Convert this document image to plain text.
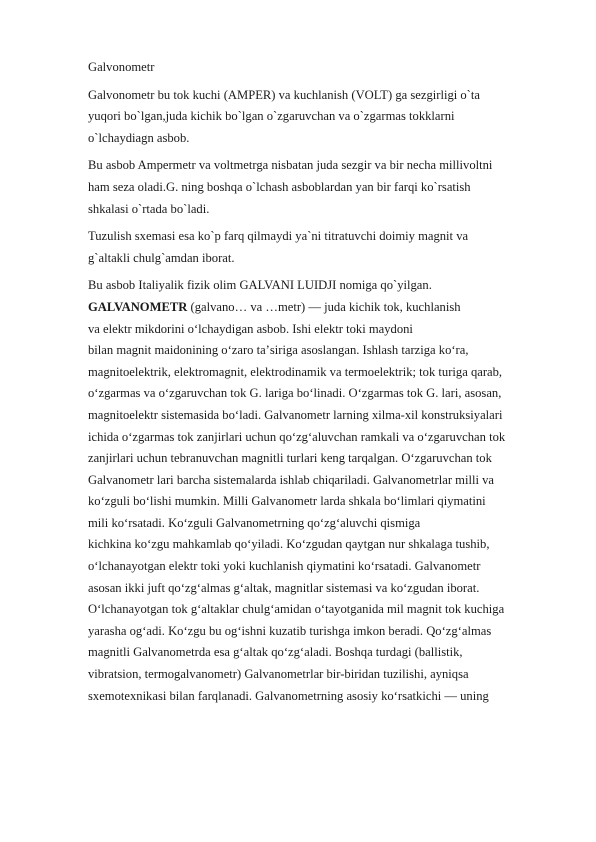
Galvonometr
Galvonometr bu tok kuchi (AMPER) va kuchlanish (VOLT) ga sezgirligi o`ta
yuqori bo`lgan,juda kichik bo`lgan o`zgaruvchan va o`zgarmas tokklarni
o`lchaydiagn asbob.
Bu asbob Ampermetr va voltmetrga nisbatan juda sezgir va bir necha millivoltni
ham seza oladi.G. ning boshqa o`lchash asboblardan yan bir farqi ko`rsatish
shkalasi o`rtada bo`ladi.
Tuzulish sxemasi esa ko`p farq qilmaydi ya`ni titratuvchi doimiy magnit va
g`altakli chulg`amdan iborat.
Bu asbob Italiyalik fizik olim GALVANI LUIDJI nomiga qo`yilgan.
GALVANOMETR (galvano… va …metr) — juda kichik tok, kuchlanish
va elektr mikdorini oʻlchaydigan asbob. Ishi elektr toki maydoni
bilan magnit maidonining oʻzaro taʼsiriga asoslangan. Ishlash tarziga koʻra,
magnitoelektrik, elektromagnit, elektrodinamik va termoelektrik; tok turiga qarab,
oʻzgarmas va oʻzgaruvchan tok G. lariga boʻlinadi. Oʻzgarmas tok G. lari, asosan,
magnitoelektr sistemasida boʻladi. Galvanometr larning xilma-xil konstruksiyalari
ichida oʻzgarmas tok zanjirlari uchun qoʻzgʻaluvchan ramkali va oʻzgaruvchan tok
zanjirlari uchun tebranuvchan magnitli turlari keng tarqalgan. Oʻzgaruvchan tok
Galvanometr lari barcha sistemalarda ishlab chiqariladi. Galvanometrlar milli va
koʻzguli boʻlishi mumkin. Milli Galvanometr larda shkala boʻlimlari qiymatini
mili koʻrsatadi. Koʻzguli Galvanometrning qoʻzgʻaluvchi qismiga
kichkina koʻzgu mahkamlab qoʻyiladi. Koʻzgudan qaytgan nur shkalaga tushib,
oʻlchanayotgan elektr toki yoki kuchlanish qiymatini koʻrsatadi. Galvanometr
asosan ikki juft qoʻzgʻalmas gʻaltak, magnitlar sistemasi va koʻzgudan iborat.
Oʻlchanayotgan tok gʻaltaklar chulgʻamidan oʻtayotganida mil magnit tok kuchiga
yarasha ogʻadi. Koʻzgu bu ogʻishni kuzatib turishga imkon beradi. Qoʻzgʻalmas
magnitli Galvanometrda esa gʻaltak qoʻzgʻaladi. Boshqa turdagi (ballistik,
vibratsion, termogalvanometr) Galvanometrlar bir-biridan tuzilishi, ayniqsa
sxemotexnikasi bilan farqlanadi. Galvanometrning asosiy koʻrsatkichi — uning
